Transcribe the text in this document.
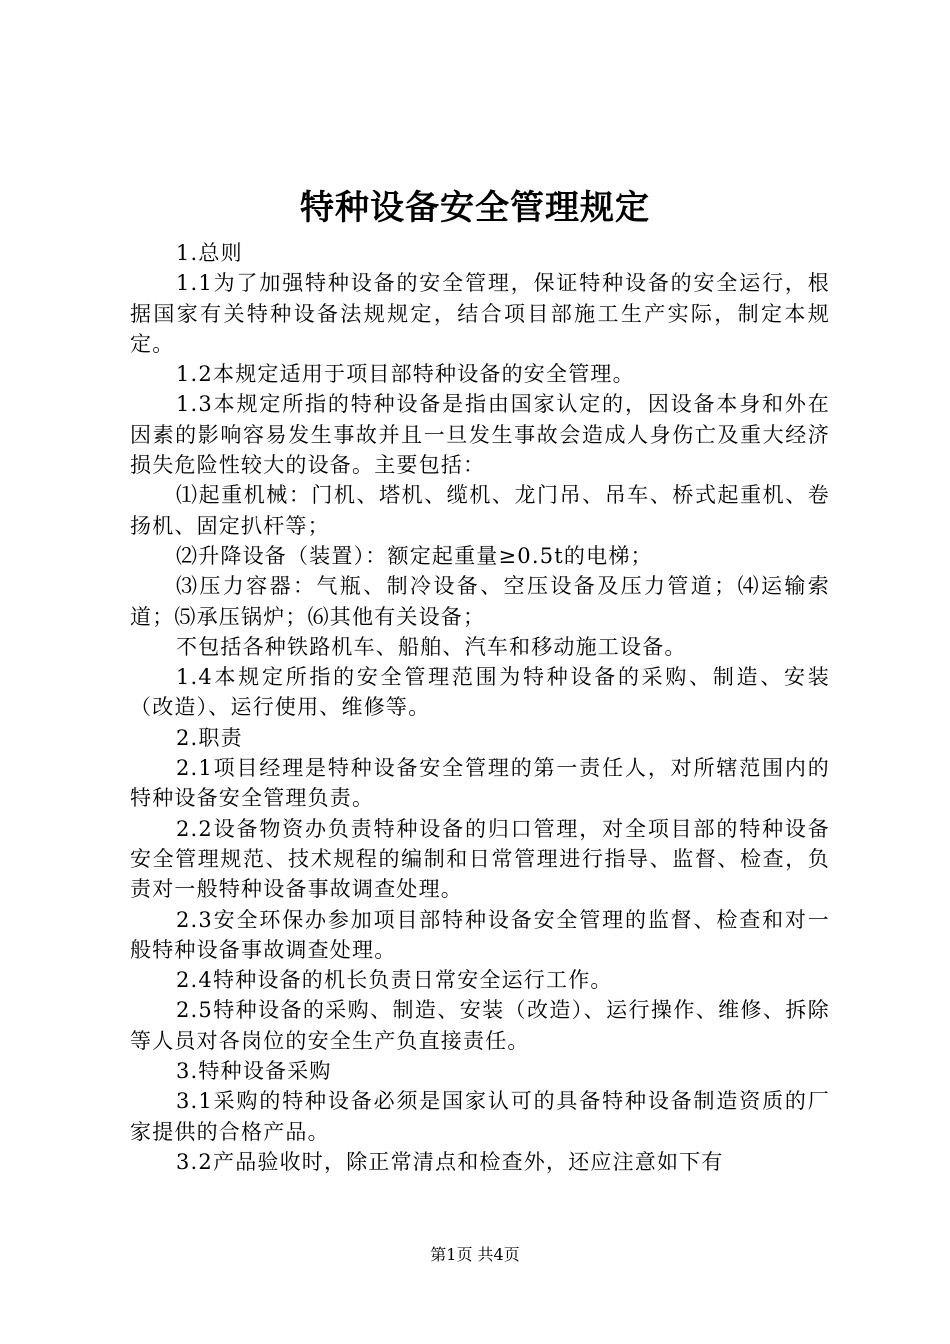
特种设备安全管理规定

1.总则

1.1为了加强特种设备的安全管理，保证特种设备的安全运行，根据国家有关特种设备法规规定，结合项目部施工生产实际，制定本规定。

1.2本规定适用于项目部特种设备的安全管理。

1.3本规定所指的特种设备是指由国家认定的，因设备本身和外在因素的影响容易发生事故并且一旦发生事故会造成人身伤亡及重大经济损失危险性较大的设备。主要包括：

⑴起重机械：门机、塔机、缆机、龙门吊、吊车、桥式起重机、卷扬机、固定扒杆等；

⑵升降设备（装置）：额定起重量≥0.5t的电梯；

⑶压力容器：气瓶、制冷设备、空压设备及压力管道；⑷运输索道；⑸承压锅炉；⑹其他有关设备；

不包括各种铁路机车、船舶、汽车和移动施工设备。

1.4本规定所指的安全管理范围为特种设备的采购、制造、安装（改造）、运行使用、维修等。

2.职责

2.1项目经理是特种设备安全管理的第一责任人，对所辖范围内的特种设备安全管理负责。

2.2设备物资办负责特种设备的归口管理，对全项目部的特种设备安全管理规范、技术规程的编制和日常管理进行指导、监督、检查，负责对一般特种设备事故调查处理。

2.3安全环保办参加项目部特种设备安全管理的监督、检查和对一般特种设备事故调查处理。

2.4特种设备的机长负责日常安全运行工作。

2.5特种设备的采购、制造、安装（改造）、运行操作、维修、拆除等人员对各岗位的安全生产负直接责任。

3.特种设备采购

3.1采购的特种设备必须是国家认可的具备特种设备制造资质的厂家提供的合格产品。

3.2产品验收时，除正常清点和检查外，还应注意如下有

第1页 共4页
